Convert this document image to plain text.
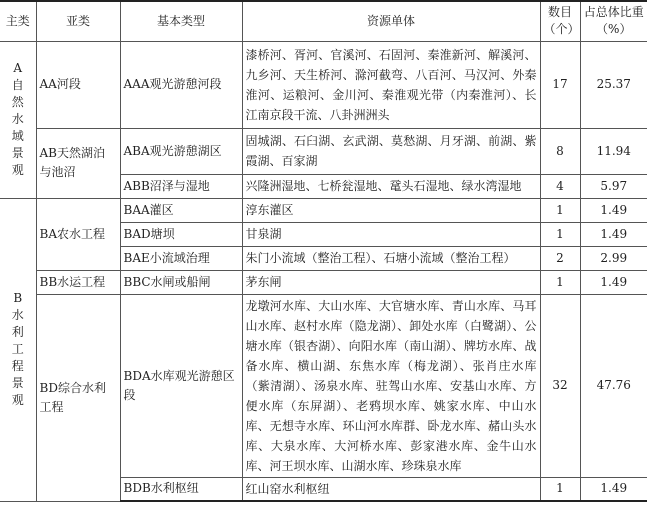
主类	亚类	基本类型	资源单体	数目（个）	占总体比重（%）

A自然水域景观	AA河段	AAA观光游憩河段	漆桥河、胥河、官溪河、石固河、秦淮新河、解溪河、九乡河、天生桥河、滁河截弯、八百河、马汉河、外秦淮河、运粮河、金川河、秦淮观光带（内秦淮河）、长江南京段干流、八卦洲洲头	17	25.37
	AB天然湖泊与池沼	ABA观光游憩湖区	固城湖、石臼湖、玄武湖、莫愁湖、月牙湖、前湖、紫霞湖、百家湖	8	11.94
		ABB沼泽与湿地	兴隆洲湿地、七桥瓮湿地、鼋头石湿地、绿水湾湿地	4	5.97

B水利工程景观	BA农水工程	BAA灌区	淳东灌区	1	1.49
		BAD塘坝	甘泉湖	1	1.49
		BAE小流域治理	朱门小流域（整治工程）、石塘小流域（整治工程）	2	2.99
	BB水运工程	BBC水闸或船闸	茅东闸	1	1.49
	BD综合水利工程	BDA水库观光游憩区段	龙墩河水库、大山水库、大官塘水库、青山水库、马耳山水库、赵村水库（隐龙湖）、卸处水库（白鹭湖）、公塘水库（银杏湖）、向阳水库（南山湖）、牌坊水库、战备水库、横山湖、东焦水库（梅龙湖）、张肖庄水库（紫清湖）、汤泉水库、驻驾山水库、安基山水库、方便水库（东屏湖）、老鸦坝水库、姚家水库、中山水库、无想寺水库、环山河水库群、卧龙水库、赭山头水库、大泉水库、大河桥水库、彭家港水库、金牛山水库、河王坝水库、山湖水库、珍珠泉水库	32	47.76
		BDB水利枢纽	红山窑水利枢纽	1	1.49
